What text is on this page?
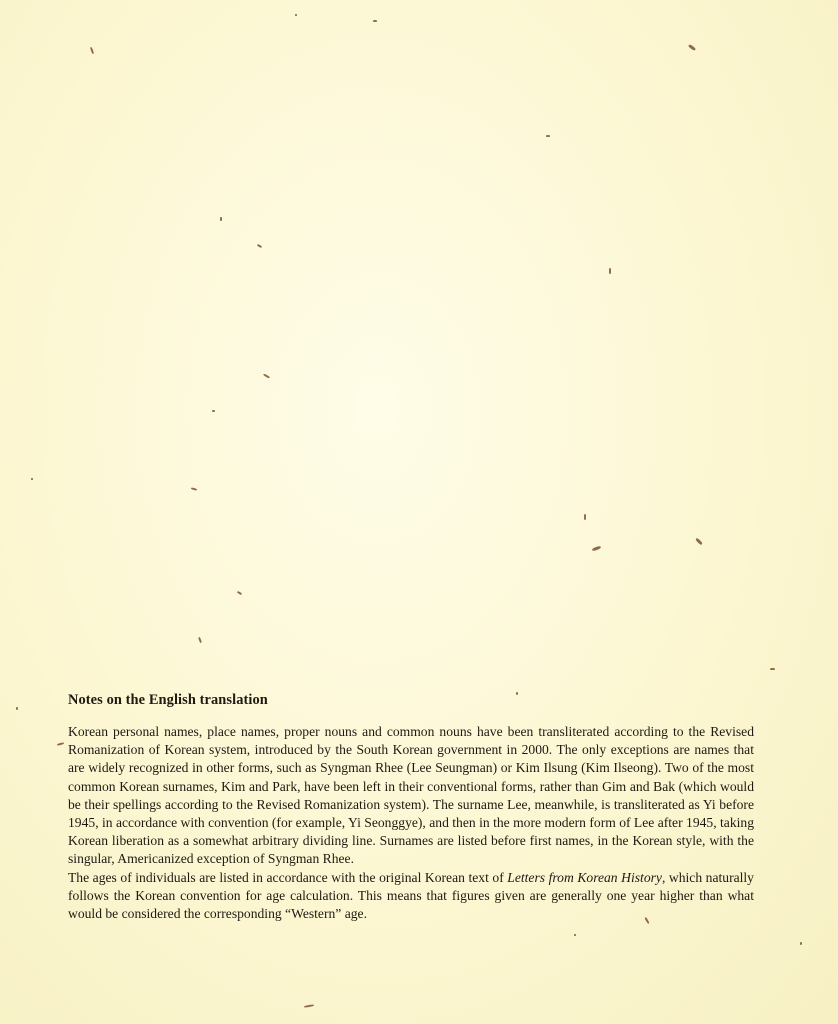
Notes on the English translation

Korean personal names, place names, proper nouns and common nouns have been transliterated according to the Revised Romanization of Korean system, introduced by the South Korean government in 2000. The only exceptions are names that are widely recognized in other forms, such as Syngman Rhee (Lee Seungman) or Kim Ilsung (Kim Ilseong). Two of the most common Korean surnames, Kim and Park, have been left in their conventional forms, rather than Gim and Bak (which would be their spellings according to the Revised Romanization system). The surname Lee, meanwhile, is transliterated as Yi before 1945, in accordance with convention (for example, Yi Seonggye), and then in the more modern form of Lee after 1945, taking Korean liberation as a somewhat arbitrary dividing line. Surnames are listed before first names, in the Korean style, with the singular, Americanized exception of Syngman Rhee.

The ages of individuals are listed in accordance with the original Korean text of Letters from Korean History, which naturally follows the Korean convention for age calculation. This means that figures given are generally one year higher than what would be considered the corresponding “Western” age.
